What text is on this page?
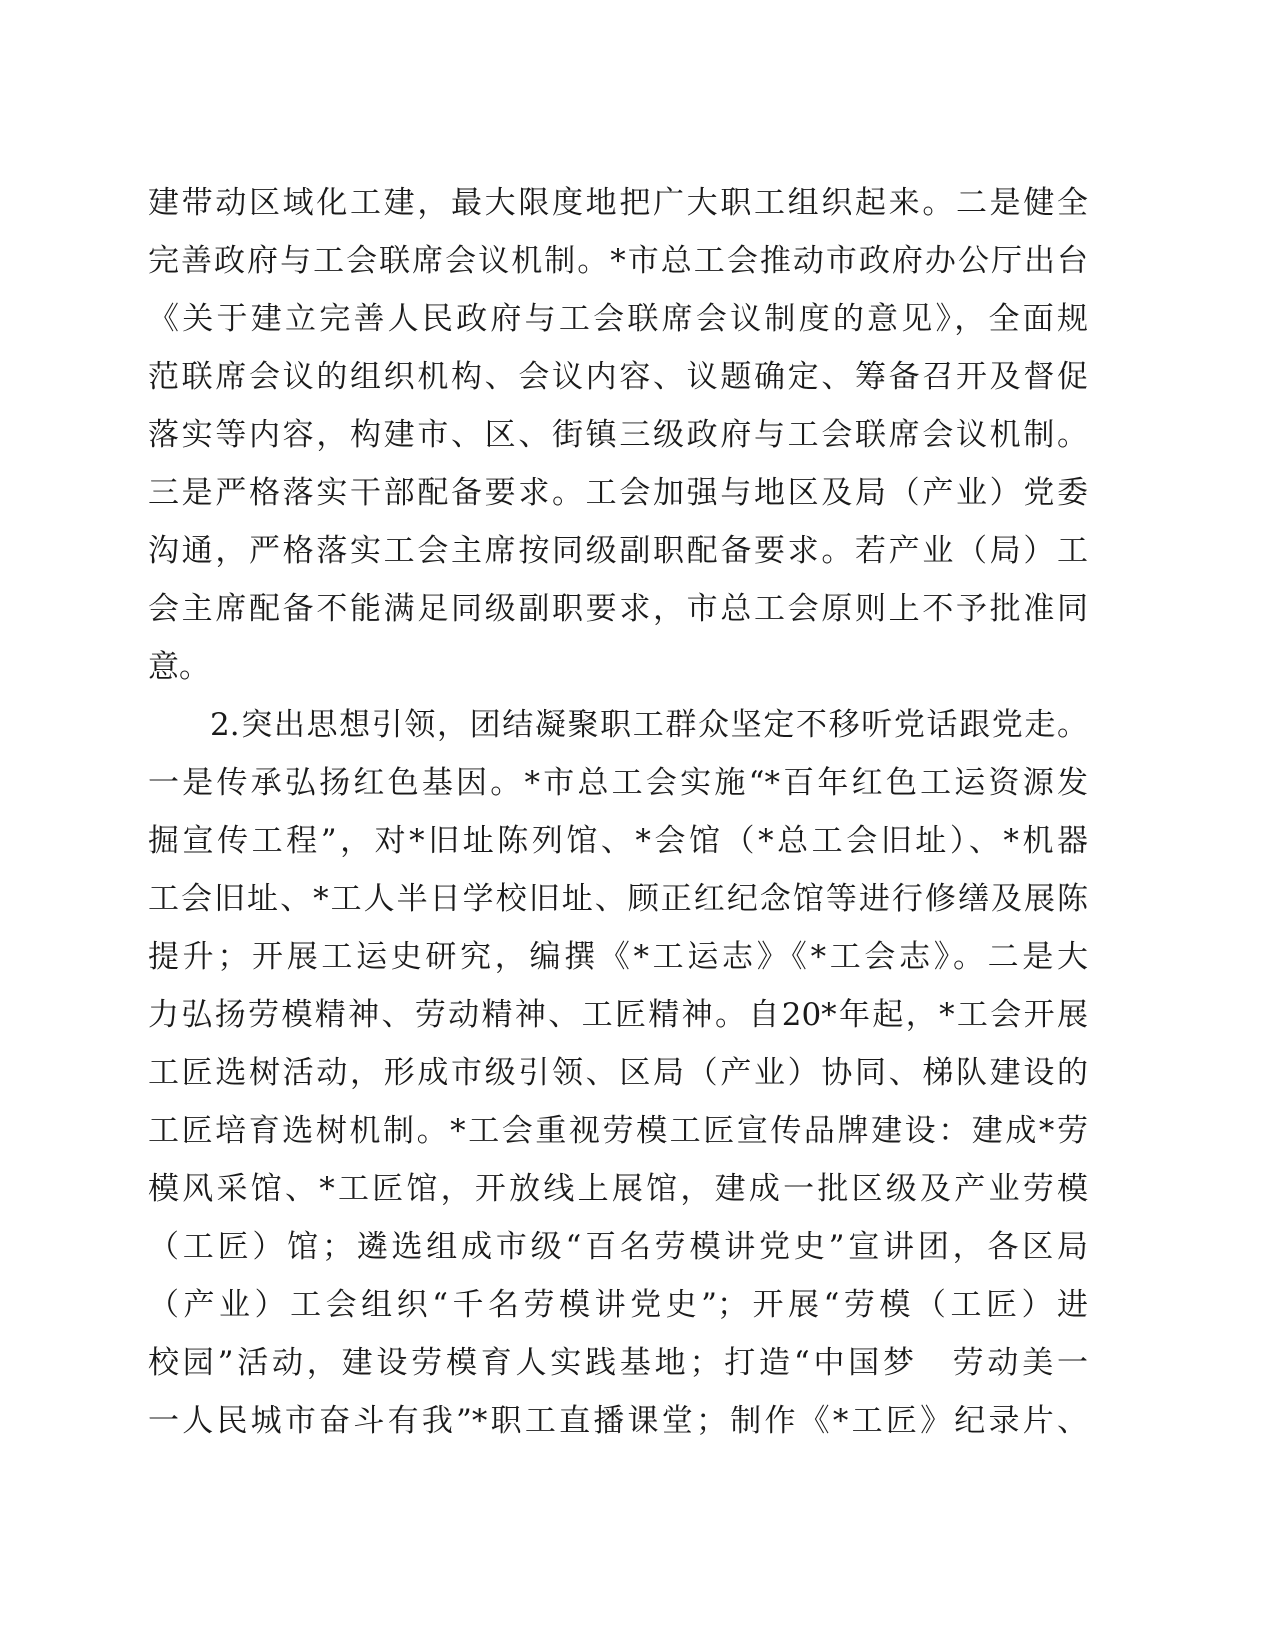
建带动区域化工建，最大限度地把广大职工组织起来。二是健全
完善政府与工会联席会议机制。*市总工会推动市政府办公厅出台
《关于建立完善人民政府与工会联席会议制度的意见》，全面规
范联席会议的组织机构、会议内容、议题确定、筹备召开及督促
落实等内容，构建市、区、街镇三级政府与工会联席会议机制。
三是严格落实干部配备要求。工会加强与地区及局（产业）党委
沟通，严格落实工会主席按同级副职配备要求。若产业（局）工
会主席配备不能满足同级副职要求，市总工会原则上不予批准同
意。
2.突出思想引领，团结凝聚职工群众坚定不移听党话跟党走。
一是传承弘扬红色基因。*市总工会实施“*百年红色工运资源发
掘宣传工程”，对*旧址陈列馆、*会馆（*总工会旧址）、*机器
工会旧址、*工人半日学校旧址、顾正红纪念馆等进行修缮及展陈
提升；开展工运史研究，编撰《*工运志》《*工会志》。二是大
力弘扬劳模精神、劳动精神、工匠精神。自20*年起，*工会开展
工匠选树活动，形成市级引领、区局（产业）协同、梯队建设的
工匠培育选树机制。*工会重视劳模工匠宣传品牌建设：建成*劳
模风采馆、*工匠馆，开放线上展馆，建成一批区级及产业劳模
（工匠）馆；遴选组成市级“百名劳模讲党史”宣讲团，各区局
（产业）工会组织“千名劳模讲党史”；开展“劳模（工匠）进
校园”活动，建设劳模育人实践基地；打造“中国梦　劳动美一
一人民城市奋斗有我”*职工直播课堂；制作《*工匠》纪录片、
